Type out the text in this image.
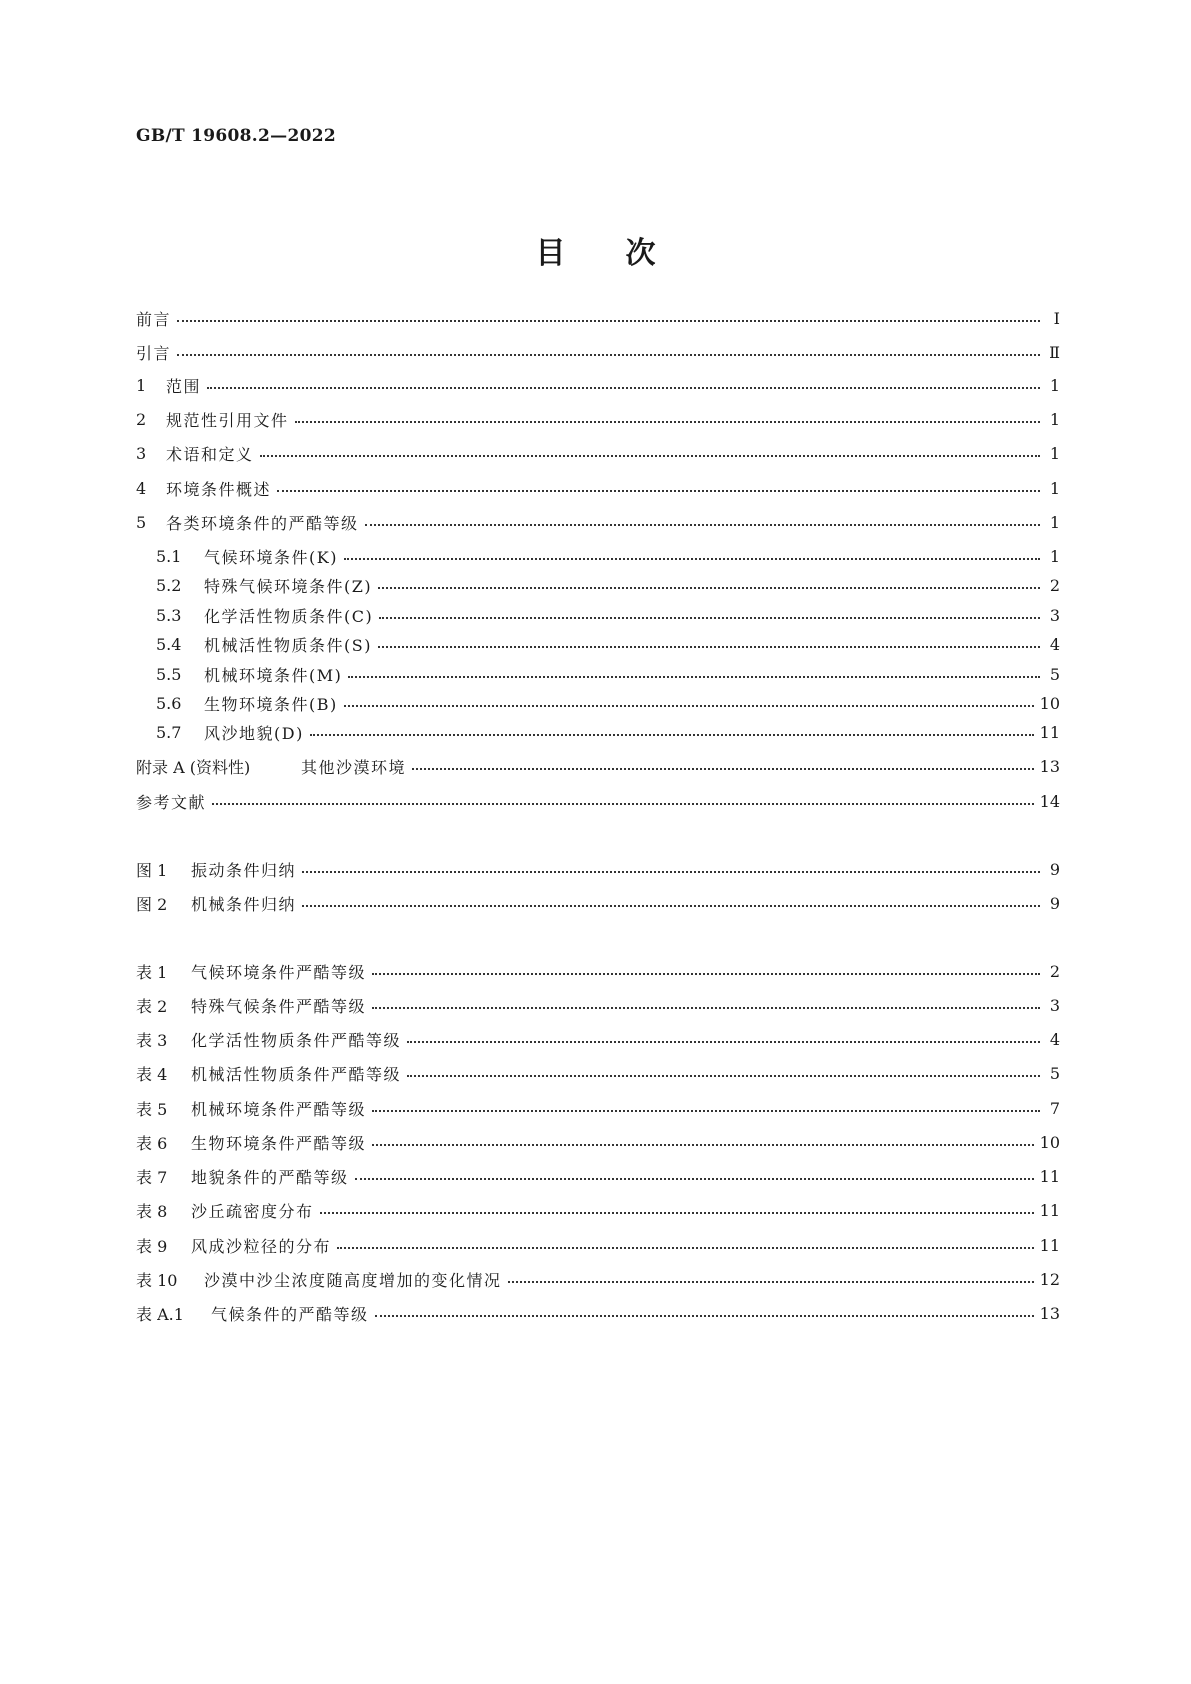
GB/T 19608.2—2022
目 次
前言	Ⅰ
引言	Ⅱ
1	范围	1
2	规范性引用文件	1
3	术语和定义	1
4	环境条件概述	1
5	各类环境条件的严酷等级	1
5.1	气候环境条件(K)	1
5.2	特殊气候环境条件(Z)	2
5.3	化学活性物质条件(C)	3
5.4	机械活性物质条件(S)	4
5.5	机械环境条件(M)	5
5.6	生物环境条件(B)	10
5.7	风沙地貌(D)	11
附录 A (资料性)	其他沙漠环境	13
参考文献	14
图 1	振动条件归纳	9
图 2	机械条件归纳	9
表 1	气候环境条件严酷等级	2
表 2	特殊气候条件严酷等级	3
表 3	化学活性物质条件严酷等级	4
表 4	机械活性物质条件严酷等级	5
表 5	机械环境条件严酷等级	7
表 6	生物环境条件严酷等级	10
表 7	地貌条件的严酷等级	11
表 8	沙丘疏密度分布	11
表 9	风成沙粒径的分布	11
表 10	沙漠中沙尘浓度随高度增加的变化情况	12
表 A.1	气候条件的严酷等级	13
